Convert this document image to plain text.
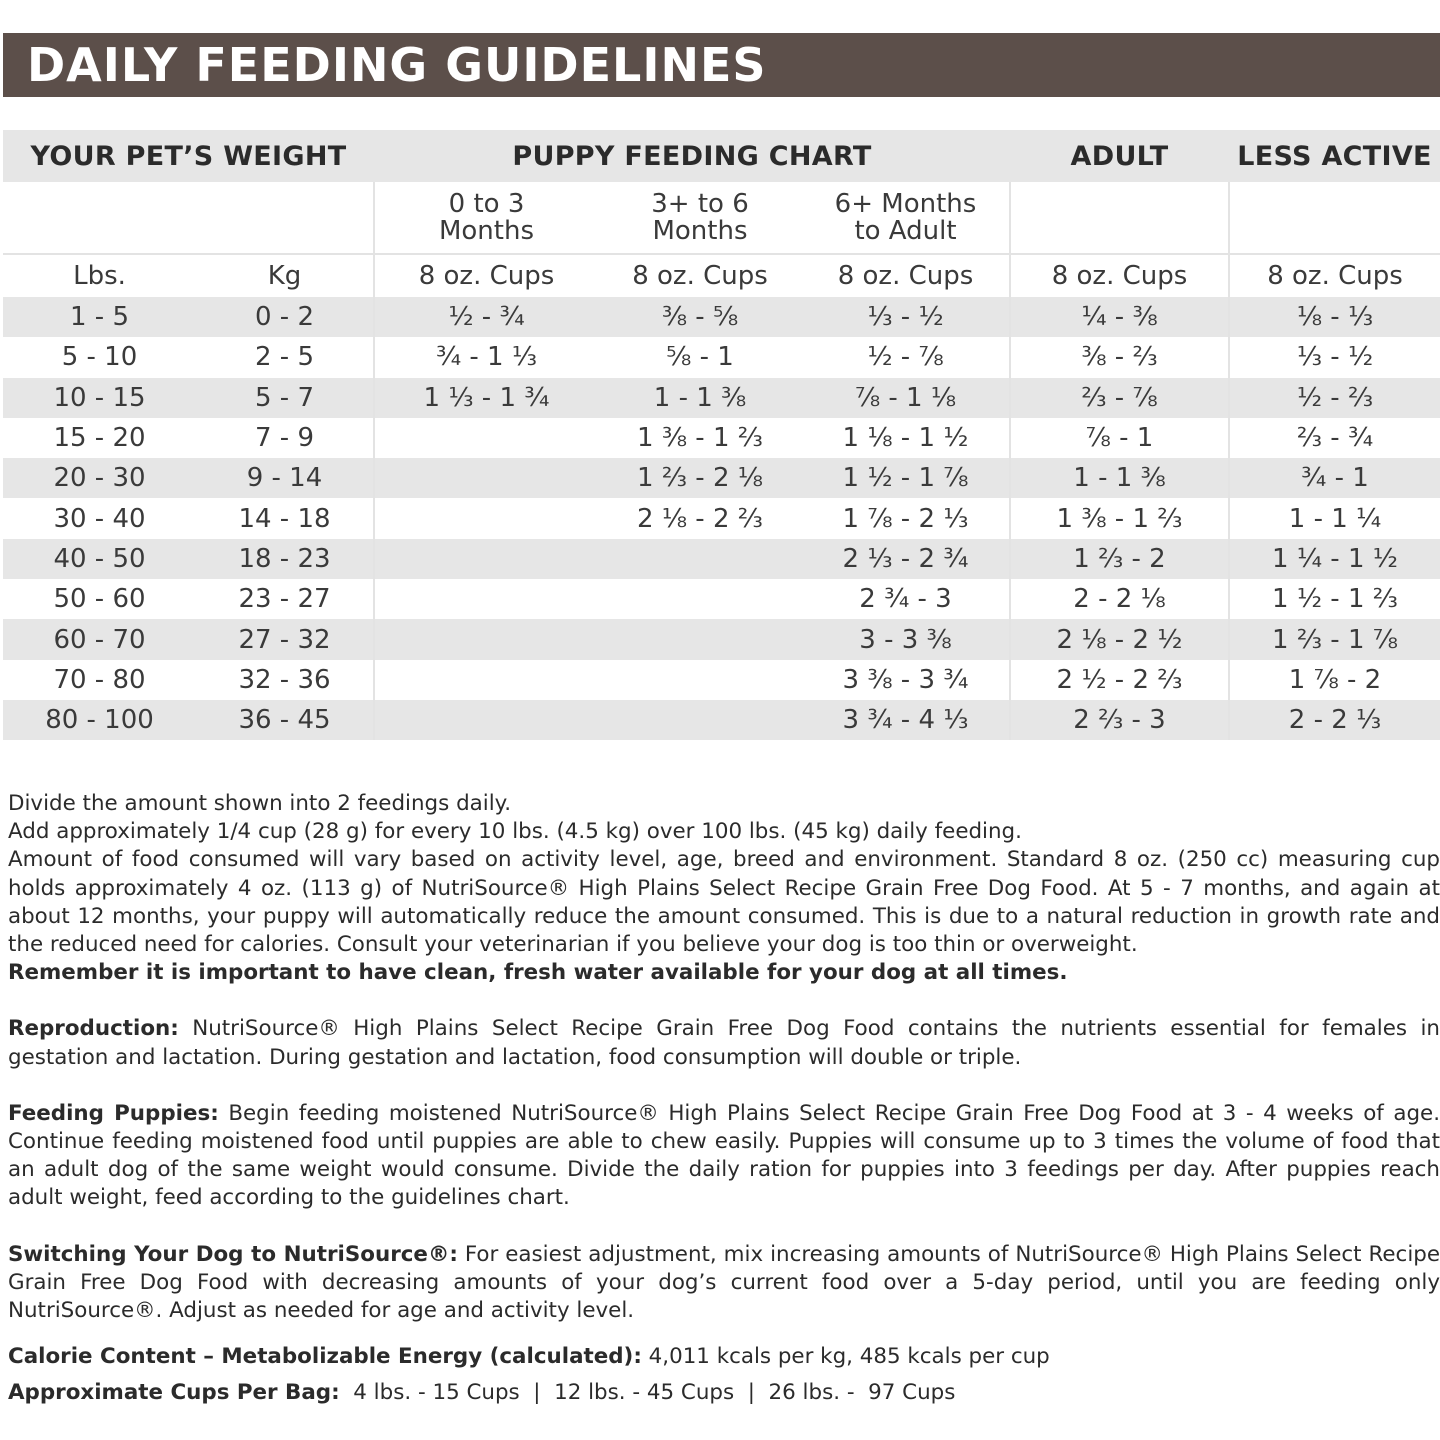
DAILY FEEDING GUIDELINES
YOUR PET’S WEIGHT		PUPPY FEEDING CHART			ADULT	LESS ACTIVE

		0 to 3 Months	3+ to 6 Months	6+ Months to Adult		

Lbs.	Kg	8 oz. Cups	8 oz. Cups	8 oz. Cups	8 oz. Cups	8 oz. Cups
1 - 5	0 - 2	½ - ¾	⅜ - ⅝	⅓ - ½	¼ - ⅜	⅛ - ⅓
5 - 10	2 - 5	¾ - 1 ⅓	⅝ - 1	½ - ⅞	⅜ - ⅔	⅓ - ½
10 - 15	5 - 7	1 ⅓ - 1 ¾	1 - 1 ⅜	⅞ - 1 ⅛	⅔ - ⅞	½ - ⅔
15 - 20	7 - 9		1 ⅜ - 1 ⅔	1 ⅛ - 1 ½	⅞ - 1	⅔ - ¾
20 - 30	9 - 14		1 ⅔ - 2 ⅛	1 ½ - 1 ⅞	1 - 1 ⅜	¾ - 1
30 - 40	14 - 18		2 ⅛ - 2 ⅔	1 ⅞ - 2 ⅓	1 ⅜ - 1 ⅔	1 - 1 ¼
40 - 50	18 - 23			2 ⅓ - 2 ¾	1 ⅔ - 2	1 ¼ - 1 ½
50 - 60	23 - 27			2 ¾ - 3	2 - 2 ⅛	1 ½ - 1 ⅔
60 - 70	27 - 32			3 - 3 ⅜	2 ⅛ - 2 ½	1 ⅔ - 1 ⅞
70 - 80	32 - 36			3 ⅜ - 3 ¾	2 ½ - 2 ⅔	1 ⅞ - 2
80 - 100	36 - 45			3 ¾ - 4 ⅓	2 ⅔ - 3	2 - 2 ⅓

Divide the amount shown into 2 feedings daily.

Add approximately 1/4 cup (28 g) for every 10 lbs. (4.5 kg) over 100 lbs. (45 kg) daily feeding.

Amount of food consumed will vary based on activity level, age, breed and environment. Standard 8 oz. (250 cc) measuring cup holds approximately 4 oz. (113 g) of NutriSource® High Plains Select Recipe Grain Free Dog Food. At 5 - 7 months, and again at about 12 months, your puppy will automatically reduce the amount consumed. This is due to a natural reduction in growth rate and the reduced need for calories. Consult your veterinarian if you believe your dog is too thin or overweight.

Remember it is important to have clean, fresh water available for your dog at all times.

Reproduction: NutriSource® High Plains Select Recipe Grain Free Dog Food contains the nutrients essential for females in gestation and lactation. During gestation and lactation, food consumption will double or triple.

Feeding Puppies: Begin feeding moistened NutriSource® High Plains Select Recipe Grain Free Dog Food at 3 - 4 weeks of age. Continue feeding moistened food until puppies are able to chew easily. Puppies will consume up to 3 times the volume of food that an adult dog of the same weight would consume. Divide the daily ration for puppies into 3 feedings per day. After puppies reach adult weight, feed according to the guidelines chart.

Switching Your Dog to NutriSource®: For easiest adjustment, mix increasing amounts of NutriSource® High Plains Select Recipe Grain Free Dog Food with decreasing amounts of your dog’s current food over a 5-day period, until you are feeding only NutriSource®. Adjust as needed for age and activity level.

Calorie Content – Metabolizable Energy (calculated): 4,011 kcals per kg, 485 kcals per cup

Approximate Cups Per Bag:  4 lbs. - 15 Cups  |  12 lbs. - 45 Cups  |  26 lbs. -  97 Cups
